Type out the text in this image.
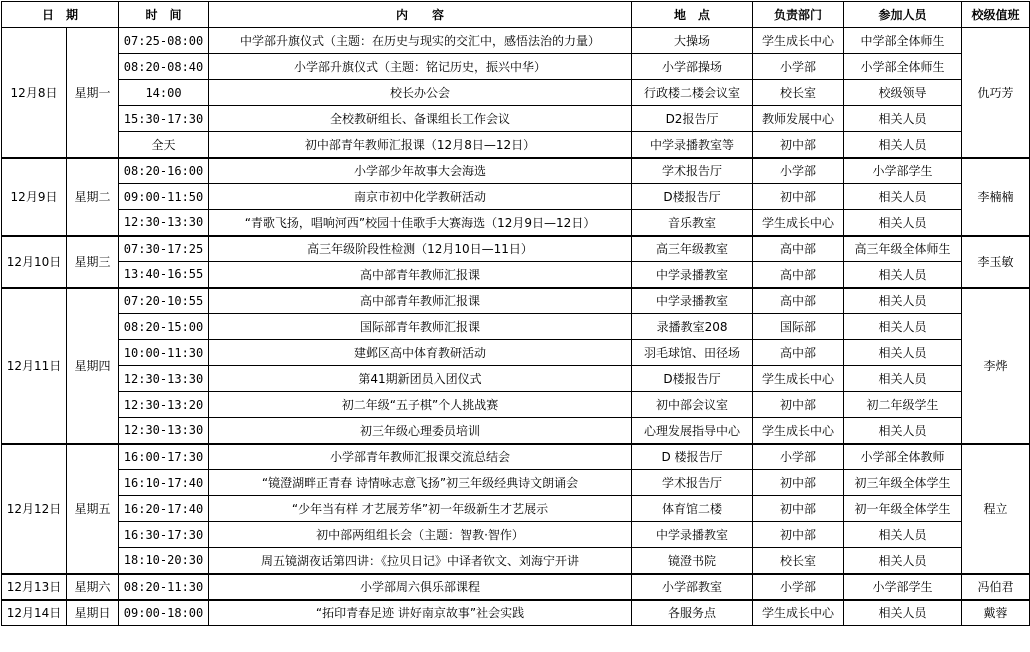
日　期		时　间	内　　容	地　点	负责部门	参加人员	校级值班
12月8日	星期一	07:25-08:00	中学部升旗仪式（主题：在历史与现实的交汇中，感悟法治的力量）	大操场	学生成长中心	中学部全体师生	仇巧芳
		08:20-08:40	小学部升旗仪式（主题：铭记历史，振兴中华）	小学部操场	小学部	小学部全体师生	
		14:00	校长办公会	行政楼二楼会议室	校长室	校级领导	
		15:30-17:30	全校教研组长、备课组长工作会议	D2报告厅	教师发展中心	相关人员	
		全天	初中部青年教师汇报课（12月8日—12日）	中学录播教室等	初中部	相关人员	
12月9日	星期二	08:20-16:00	小学部少年故事大会海选	学术报告厅	小学部	小学部学生	李楠楠
		09:00-11:50	南京市初中化学教研活动	D楼报告厅	初中部	相关人员	
		12:30-13:30	“青歌飞扬，唱响河西”校园十佳歌手大赛海选（12月9日—12日）	音乐教室	学生成长中心	相关人员	
12月10日	星期三	07:30-17:25	高三年级阶段性检测（12月10日—11日）	高三年级教室	高中部	高三年级全体师生	李玉敏
		13:40-16:55	高中部青年教师汇报课	中学录播教室	高中部	相关人员	
12月11日	星期四	07:20-10:55	高中部青年教师汇报课	中学录播教室	高中部	相关人员	李烨
		08:20-15:00	国际部青年教师汇报课	录播教室208	国际部	相关人员	
		10:00-11:30	建邺区高中体育教研活动	羽毛球馆、田径场	高中部	相关人员	
		12:30-13:30	第41期新团员入团仪式	D楼报告厅	学生成长中心	相关人员	
		12:30-13:20	初二年级“五子棋”个人挑战赛	初中部会议室	初中部	初二年级学生	
		12:30-13:30	初三年级心理委员培训	心理发展指导中心	学生成长中心	相关人员	
12月12日	星期五	16:00-17:30	小学部青年教师汇报课交流总结会	D 楼报告厅	小学部	小学部全体教师	程立
		16:10-17:40	“镜澄湖畔正青春 诗情咏志意飞扬”初三年级经典诗文朗诵会	学术报告厅	初中部	初三年级全体学生	
		16:20-17:40	“少年当有样 才艺展芳华”初一年级新生才艺展示	体育馆二楼	初中部	初一年级全体学生	
		16:30-17:30	初中部两组组长会（主题：智教·智作）	中学录播教室	初中部	相关人员	
		18:10-20:30	周五镜湖夜话第四讲：《拉贝日记》中译者钦文、刘海宁开讲	镜澄书院	校长室	相关人员	
12月13日	星期六	08:20-11:30	小学部周六俱乐部课程	小学部教室	小学部	小学部学生	冯伯君
12月14日	星期日	09:00-18:00	“拓印青春足迹 讲好南京故事”社会实践	各服务点	学生成长中心	相关人员	戴蓉
